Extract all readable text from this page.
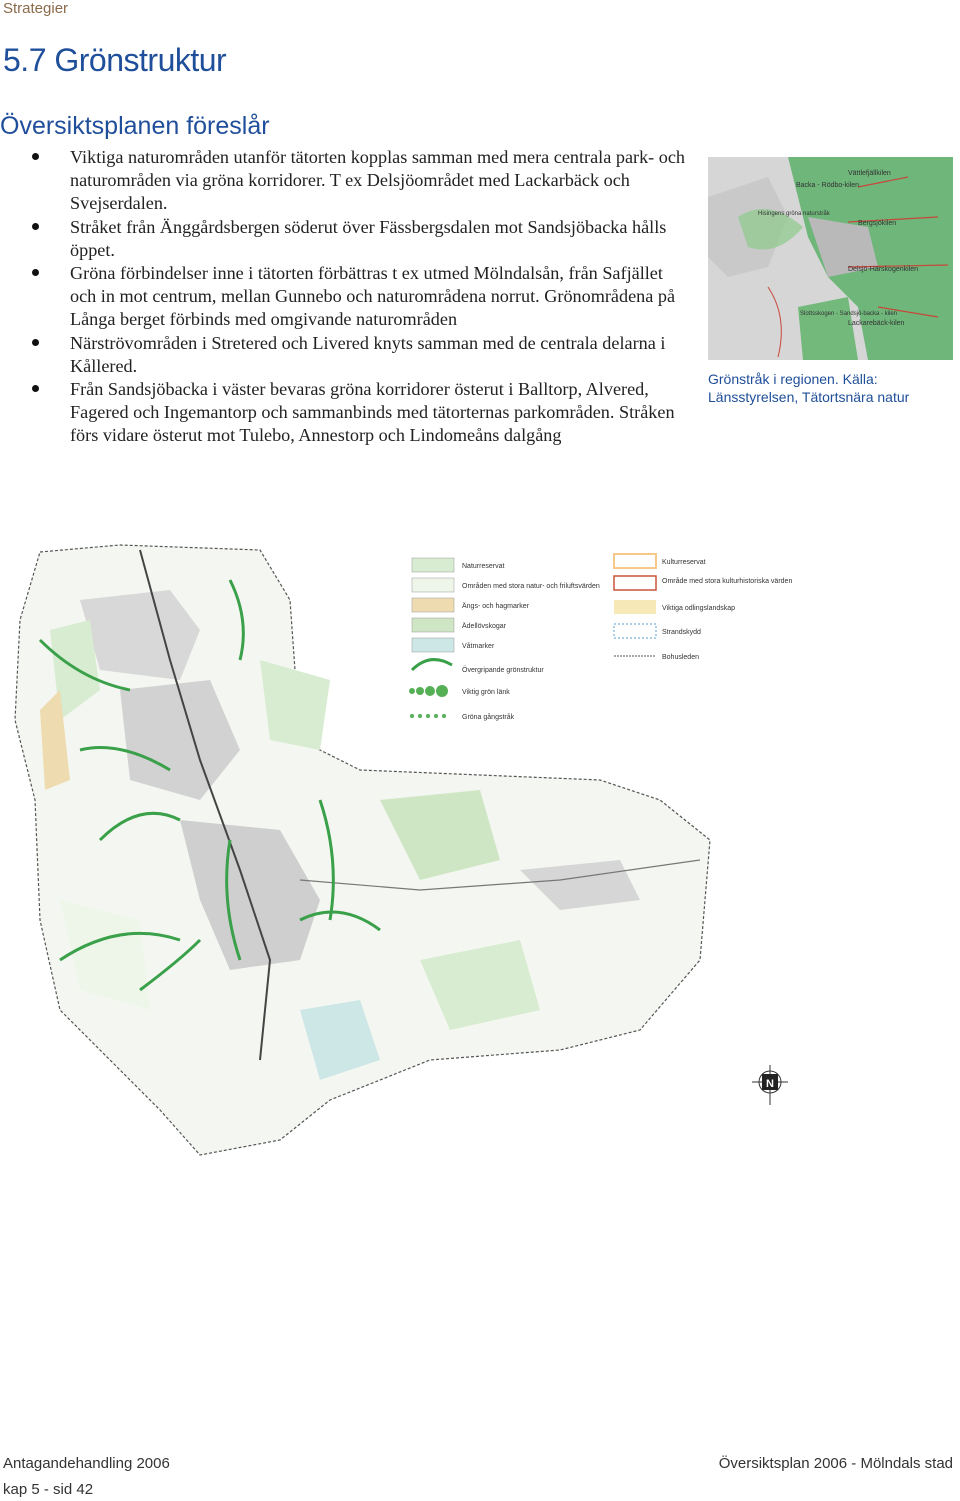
Strategier
5.7 Grönstruktur
Översiktsplanen föreslår
Viktiga naturområden utanför tätorten kopplas samman med mera centrala park- och naturområden via gröna korridorer. T ex Delsjöområdet med Lackarbäck och Svejserdalen.
Stråket från Änggårdsbergen söderut över Fässbergsdalen mot Sandsjöbacka hålls öppet.
Gröna förbindelser inne i tätorten förbättras t ex utmed Mölndalsån, från Safjället och in mot centrum, mellan Gunnebo och naturområdena norrut. Grönområdena på Långa berget förbinds med omgivande naturområden
Närströvområden i Stretered och Livered knyts samman med de centrala delarna i Kållered.
Från Sandsjöbacka i väster bevaras gröna korridorer österut i Balltorp, Alvered, Fagered och Ingemantorp och sammanbinds med tätorternas parkområden. Stråken förs vidare österut mot Tulebo, Annestorp och Lindomeåns dalgång
Vättlefjällkilen
Backa - Rödbo-kilen
Hisingens gröna naturstråk
Bergsjökilen
Delsjö-Härskogenkilen
Slottsskogen - Sandsjö-backa - kilen
Lackarebäck-kilen
Grönstråk i regionen. Källa: Länsstyrelsen, Tätortsnära natur
Naturreservat
Områden med stora natur- och friluftsvärden
Ängs- och hagmarker
Ädellövskogar
Våtmarker
Övergripande grönstruktur
Viktig grön länk
Gröna gångstråk
Kulturreservat
Område med stora kulturhistoriska värden
Viktiga odlingslandskap
Strandskydd
Bohusleden
N
Antagandehandling 2006	Översiktsplan 2006 - Mölndals stad
kap 5 - sid 42
